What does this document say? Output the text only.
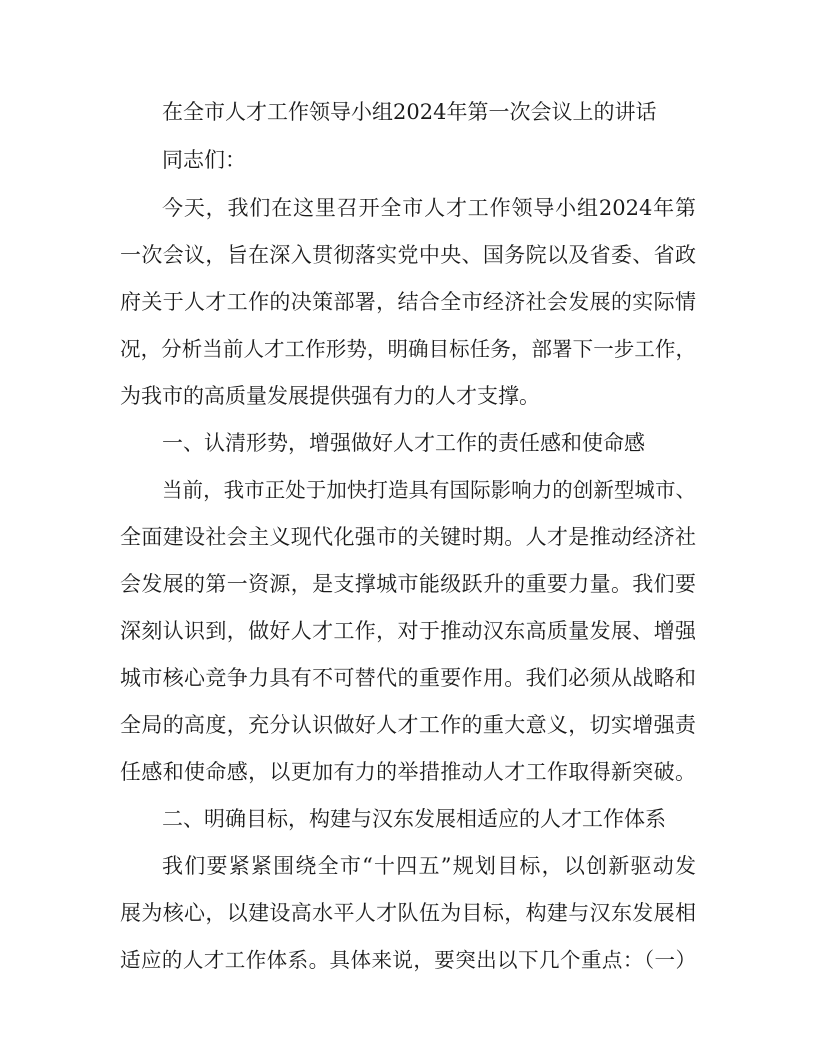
在全市人才工作领导小组2024年第一次会议上的讲话
同志们：
今天，我们在这里召开全市人才工作领导小组2024年第
一次会议，旨在深入贯彻落实党中央、国务院以及省委、省政
府关于人才工作的决策部署，结合全市经济社会发展的实际情
况，分析当前人才工作形势，明确目标任务，部署下一步工作，
为我市的高质量发展提供强有力的人才支撑。
一、认清形势，增强做好人才工作的责任感和使命感
当前，我市正处于加快打造具有国际影响力的创新型城市、
全面建设社会主义现代化强市的关键时期。人才是推动经济社
会发展的第一资源，是支撑城市能级跃升的重要力量。我们要
深刻认识到，做好人才工作，对于推动汉东高质量发展、增强
城市核心竞争力具有不可替代的重要作用。我们必须从战略和
全局的高度，充分认识做好人才工作的重大意义，切实增强责
任感和使命感，以更加有力的举措推动人才工作取得新突破。
二、明确目标，构建与汉东发展相适应的人才工作体系
我们要紧紧围绕全市“十四五”规划目标，以创新驱动发
展为核心，以建设高水平人才队伍为目标，构建与汉东发展相
适应的人才工作体系。具体来说，要突出以下几个重点：（一）
